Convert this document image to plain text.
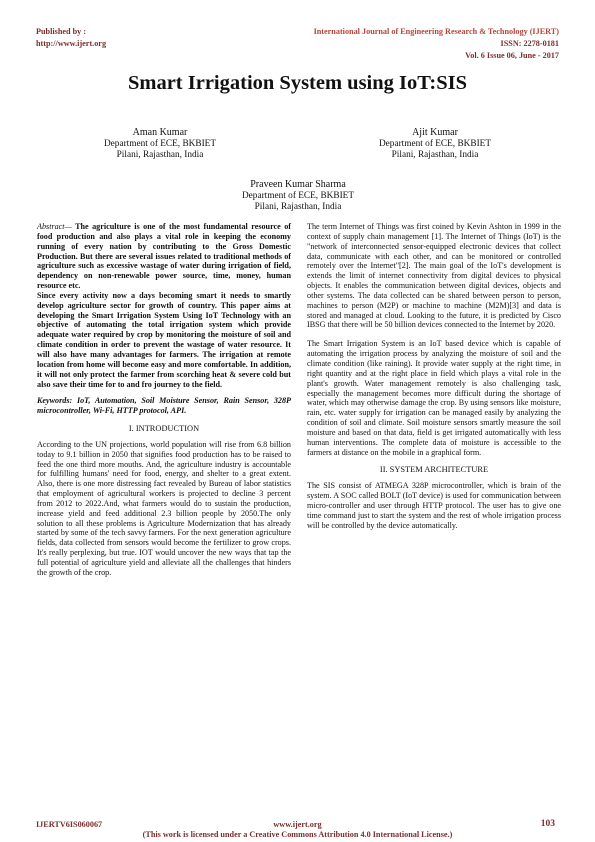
Published by :
http://www.ijert.org
International Journal of Engineering Research & Technology (IJERT)
ISSN: 2278-0181
Vol. 6 Issue 06, June - 2017
Smart Irrigation System using IoT:SIS
Aman Kumar
Department of ECE, BKBIET
Pilani, Rajasthan, India
Ajit Kumar
Department of ECE, BKBIET
Pilani, Rajasthan, India
Praveen Kumar Sharma
Department of ECE, BKBIET
Pilani, Rajasthan, India

Abstract— The agriculture is one of the most fundamental resource of food production and also plays a vital role in keeping the economy running of every nation by contributing to the Gross Domestic Production. But there are several issues related to traditional methods of agriculture such as excessive wastage of water during irrigation of field, dependency on non-renewable power source, time, money, human resource etc.

Since every activity now a days becoming smart it needs to smartly develop agriculture sector for growth of country. This paper aims at developing the Smart Irrigation System Using IoT Technology with an objective of automating the total irrigation system which provide adequate water required by crop by monitoring the moisture of soil and climate condition in order to prevent the wastage of water resource. It will also have many advantages for farmers. The irrigation at remote location from home will become easy and more comfortable. In addition, it will not only protect the farmer from scorching heat & severe cold but also save their time for to and fro journey to the field.

Keywords: IoT, Automation, Soil Moisture Sensor, Rain Sensor, 328P microcontroller, Wi-Fi, HTTP protocol, API.

I. INTRODUCTION

According to the UN projections, world population will rise from 6.8 billion today to 9.1 billion in 2050 that signifies food production has to be raised to feed the one third more mouths. And, the agriculture industry is accountable for fulfilling humans' need for food, energy, and shelter to a great extent. Also, there is one more distressing fact revealed by Bureau of labor statistics that employment of agricultural workers is projected to decline 3 percent from 2012 to 2022.And, what farmers would do to sustain the production, increase yield and feed additional 2.3 billion people by 2050.The only solution to all these problems is Agriculture Modernization that has already started by some of the tech savvy farmers. For the next generation agriculture fields, data collected from sensors would become the fertilizer to grow crops. It's really perplexing, but true. IOT would uncover the new ways that tap the full potential of agriculture yield and alleviate all the challenges that hinders the growth of the crop.

The term Internet of Things was first coined by Kevin Ashton in 1999 in the context of supply chain management [1]. The Internet of Things (IoT) is the "network of interconnected sensor-equipped electronic devices that collect data, communicate with each other, and can be monitored or controlled remotely over the Internet"[2]. The main goal of the IoT's development is extends the limit of internet connectivity from digital devices to physical objects. It enables the communication between digital devices, objects and other systems. The data collected can be shared between person to person, machines to person (M2P) or machine to machine (M2M)[3] and data is stored and managed at cloud. Looking to the future, it is predicted by Cisco IBSG that there will be 50 billion devices connected to the Internet by 2020.

The Smart Irrigation System is an IoT based device which is capable of automating the irrigation process by analyzing the moisture of soil and the climate condition (like raining). It provide water supply at the right time, in right quantity and at the right place in field which plays a vital role in the plant's growth. Water management remotely is also challenging task, especially the management becomes more difficult during the shortage of water, which may otherwise damage the crop. By using sensors like moisture, rain, etc. water supply for irrigation can be managed easily by analyzing the condition of soil and climate. Soil moisture sensors smartly measure the soil moisture and based on that data, field is get irrigated automatically with less human interventions. The complete data of moisture is accessible to the farmers at distance on the mobile in a graphical form.

II. SYSTEM ARCHITECTURE

The SIS consist of ATMEGA 328P microcontroller, which is brain of the system. A SOC called BOLT (IoT device) is used for communication between micro-controller and user through HTTP protocol. The user has to give one time command just to start the system and the rest of whole irrigation process will be controlled by the device automatically.

IJERTV6IS060067	www.ijert.org	103
(This work is licensed under a Creative Commons Attribution 4.0 International License.)
